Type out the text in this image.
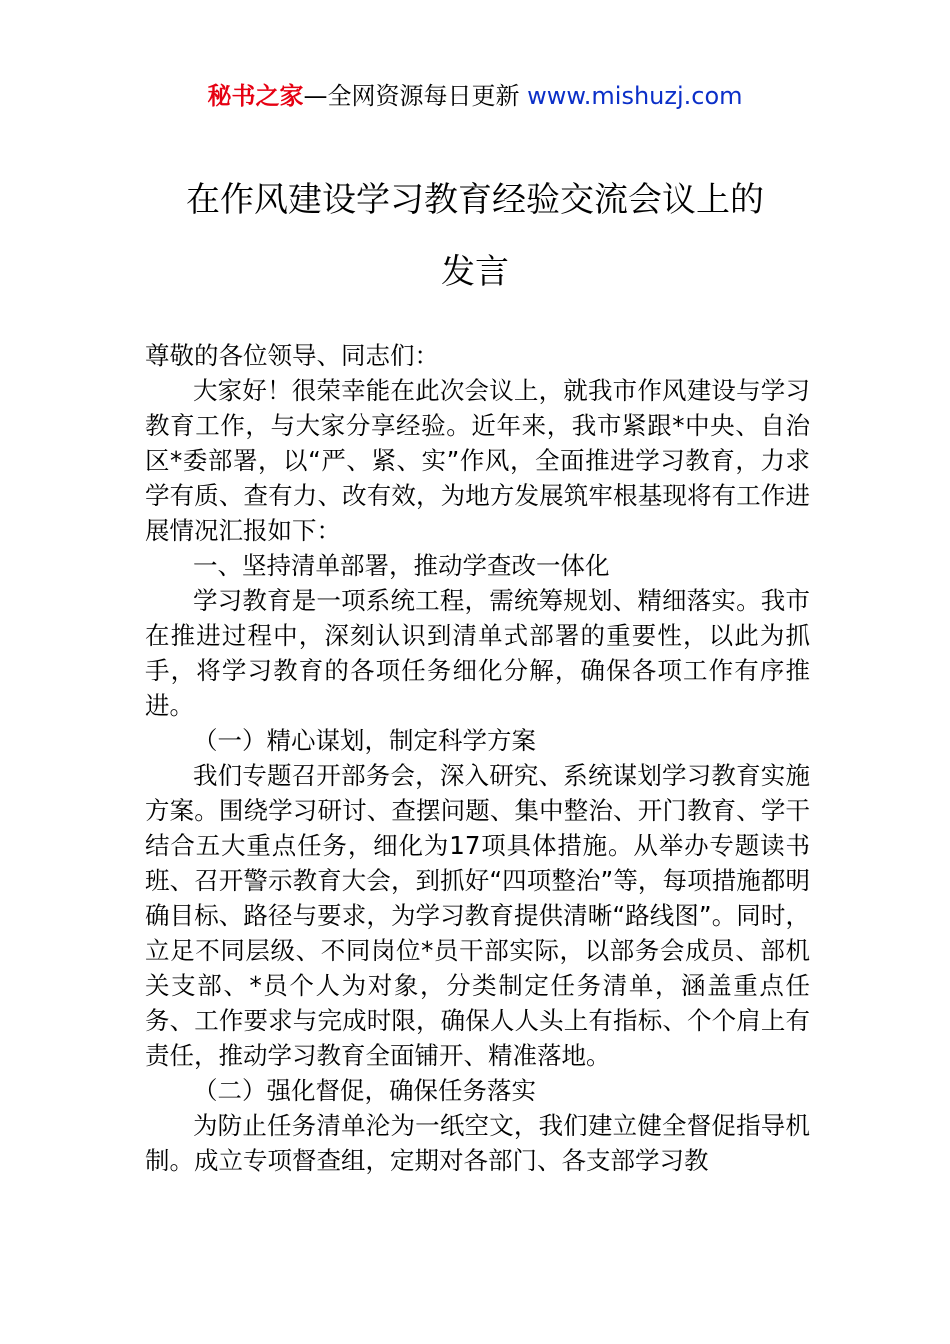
秘书之家—全网资源每日更新 www.mishuzj.com
在作风建设学习教育经验交流会议上的
发言

尊敬的各位领导、同志们：

大家好！很荣幸能在此次会议上，就我市作风建设与学习教育工作，与大家分享经验。近年来，我市紧跟*中央、自治区*委部署，以“严、紧、实”作风，全面推进学习教育，力求学有质、查有力、改有效，为地方发展筑牢根基现将有工作进展情况汇报如下：

一、坚持清单部署，推动学查改一体化

学习教育是一项系统工程，需统筹规划、精细落实。我市在推进过程中，深刻认识到清单式部署的重要性，以此为抓手，将学习教育的各项任务细化分解，确保各项工作有序推进。

（一）精心谋划，制定科学方案

我们专题召开部务会，深入研究、系统谋划学习教育实施方案。围绕学习研讨、查摆问题、集中整治、开门教育、学干结合五大重点任务，细化为17项具体措施。从举办专题读书班、召开警示教育大会，到抓好“四项整治”等，每项措施都明确目标、路径与要求，为学习教育提供清晰“路线图”。同时，立足不同层级、不同岗位*员干部实际，以部务会成员、部机关支部、*员个人为对象，分类制定任务清单，涵盖重点任务、工作要求与完成时限，确保人人头上有指标、个个肩上有责任，推动学习教育全面铺开、精准落地。

（二）强化督促，确保任务落实

为防止任务清单沦为一纸空文，我们建立健全督促指导机制。成立专项督查组，定期对各部门、各支部学习教
